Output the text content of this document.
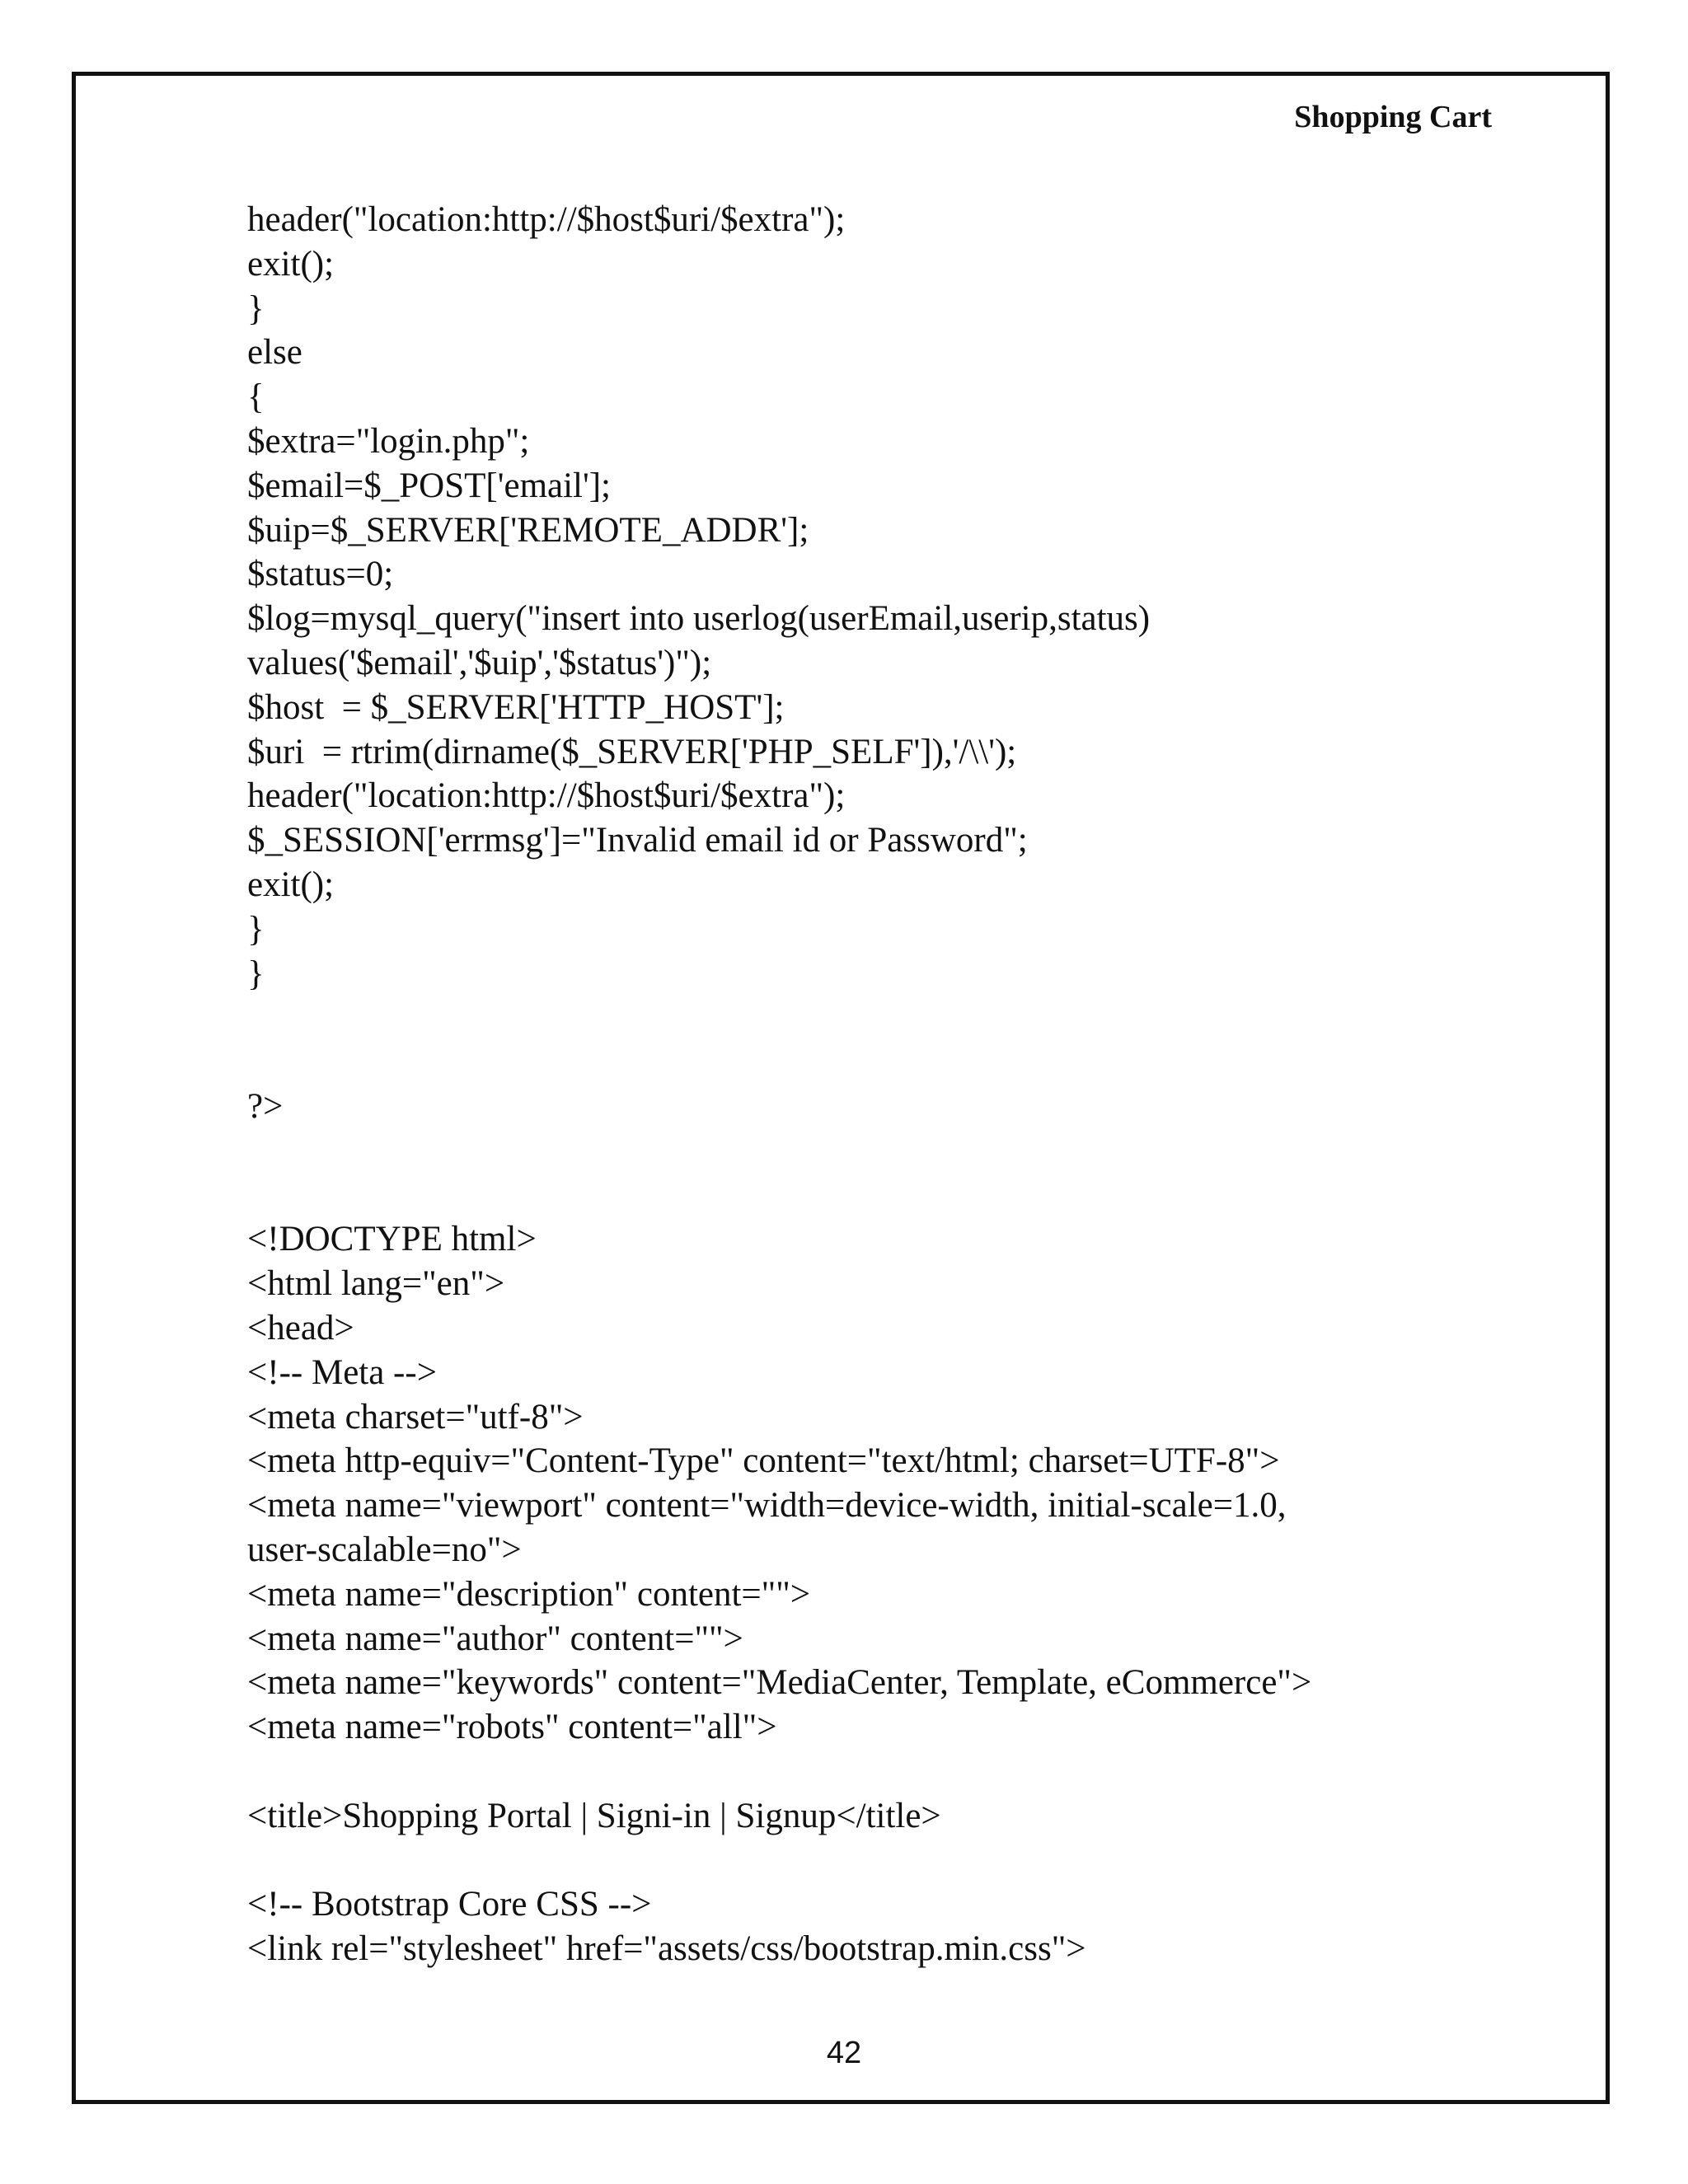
Shopping Cart
header("location:http://$host$uri/$extra");
exit();
}
else
{
$extra="login.php";
$email=$_POST['email'];
$uip=$_SERVER['REMOTE_ADDR'];
$status=0;
$log=mysql_query("insert into userlog(userEmail,userip,status)
values('$email','$uip','$status')");
$host  = $_SERVER['HTTP_HOST'];
$uri  = rtrim(dirname($_SERVER['PHP_SELF']),'/\\');
header("location:http://$host$uri/$extra");
$_SESSION['errmsg']="Invalid email id or Password";
exit();
}
}
?>
<!DOCTYPE html>
<html lang="en">
<head>
<!-- Meta -->
<meta charset="utf-8">
<meta http-equiv="Content-Type" content="text/html; charset=UTF-8">
<meta name="viewport" content="width=device-width, initial-scale=1.0,
user-scalable=no">
<meta name="description" content="">
<meta name="author" content="">
<meta name="keywords" content="MediaCenter, Template, eCommerce">
<meta name="robots" content="all">
<title>Shopping Portal | Signi-in | Signup</title>
<!-- Bootstrap Core CSS -->
<link rel="stylesheet" href="assets/css/bootstrap.min.css">
42
